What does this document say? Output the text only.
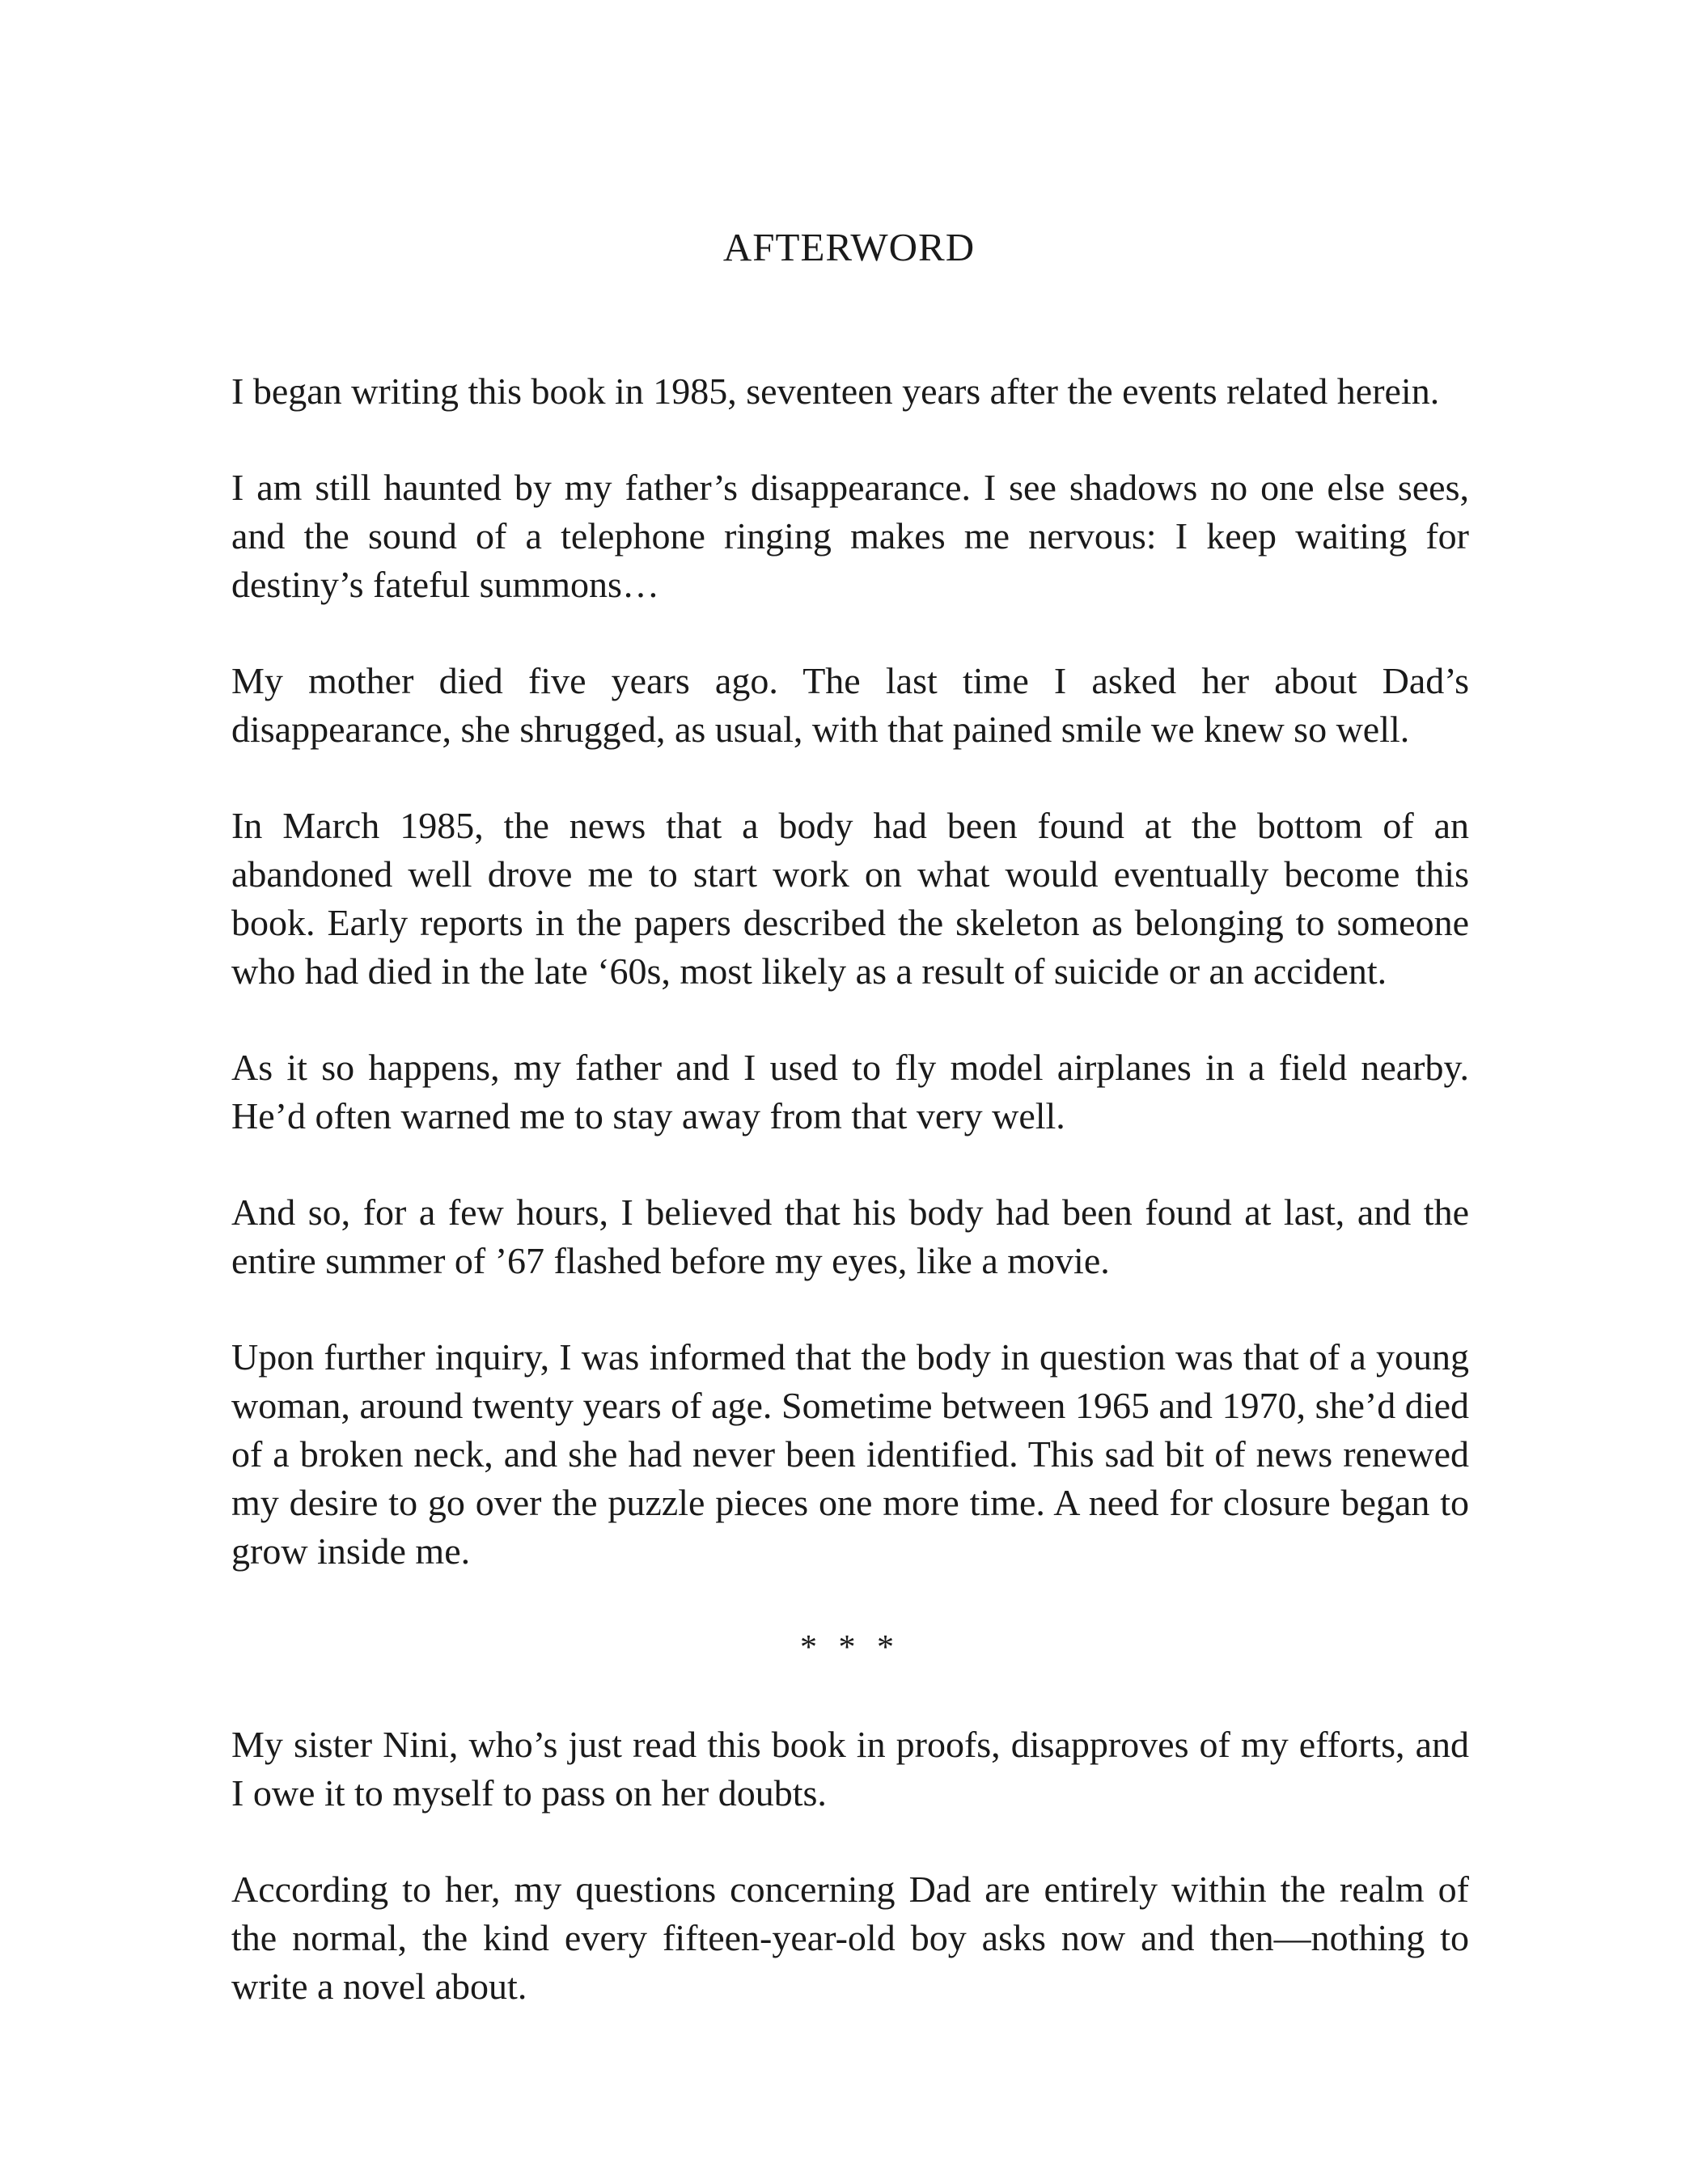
AFTERWORD

I began writing this book in 1985, seventeen years after the events related herein.

I am still haunted by my father’s disappearance. I see shadows no one else sees, and the sound of a telephone ringing makes me nervous: I keep waiting for destiny’s fateful summons…

My mother died five years ago. The last time I asked her about Dad’s disappearance, she shrugged, as usual, with that pained smile we knew so well.

In March 1985, the news that a body had been found at the bottom of an abandoned well drove me to start work on what would eventually become this book. Early reports in the papers described the skeleton as belonging to someone who had died in the late ‘60s, most likely as a result of suicide or an accident.

As it so happens, my father and I used to fly model airplanes in a field nearby. He’d often warned me to stay away from that very well.

And so, for a few hours, I believed that his body had been found at last, and the entire summer of ’67 flashed before my eyes, like a movie.

Upon further inquiry, I was informed that the body in question was that of a young woman, around twenty years of age. Sometime between 1965 and 1970, she’d died of a broken neck, and she had never been identified. This sad bit of news renewed my desire to go over the puzzle pieces one more time. A need for closure began to grow inside me.

* * *

My sister Nini, who’s just read this book in proofs, disapproves of my efforts, and I owe it to myself to pass on her doubts.

According to her, my questions concerning Dad are entirely within the realm of the normal, the kind every fifteen-year-old boy asks now and then—nothing to write a novel about.
